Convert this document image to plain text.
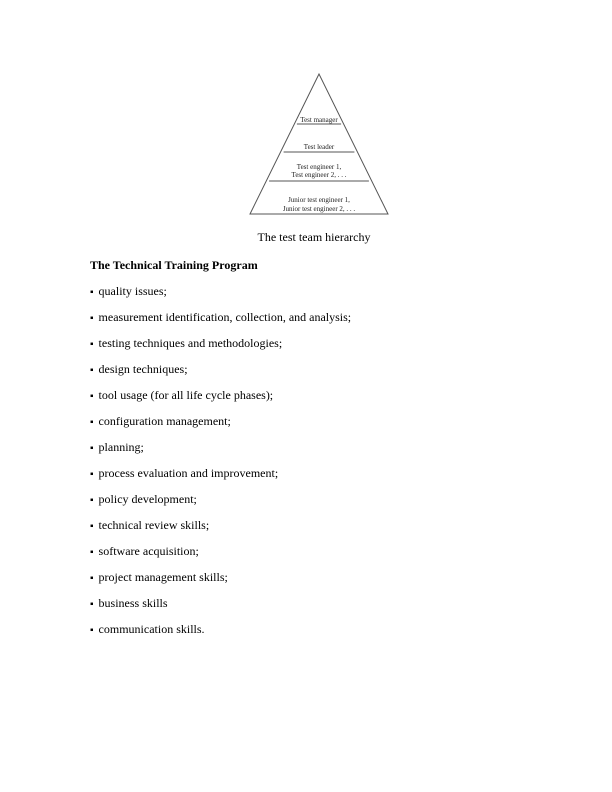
Test manager
Test leader
Test engineer 1,
Test engineer 2, . . .
Junior test engineer 1,
Junior test engineer 2, . . .
The test team hierarchy
The Technical Training Program
▪ quality issues;
▪ measurement identification, collection, and analysis;
▪ testing techniques and methodologies;
▪ design techniques;
▪ tool usage (for all life cycle phases);
▪ configuration management;
▪ planning;
▪ process evaluation and improvement;
▪ policy development;
▪ technical review skills;
▪ software acquisition;
▪ project management skills;
▪ business skills
▪ communication skills.
